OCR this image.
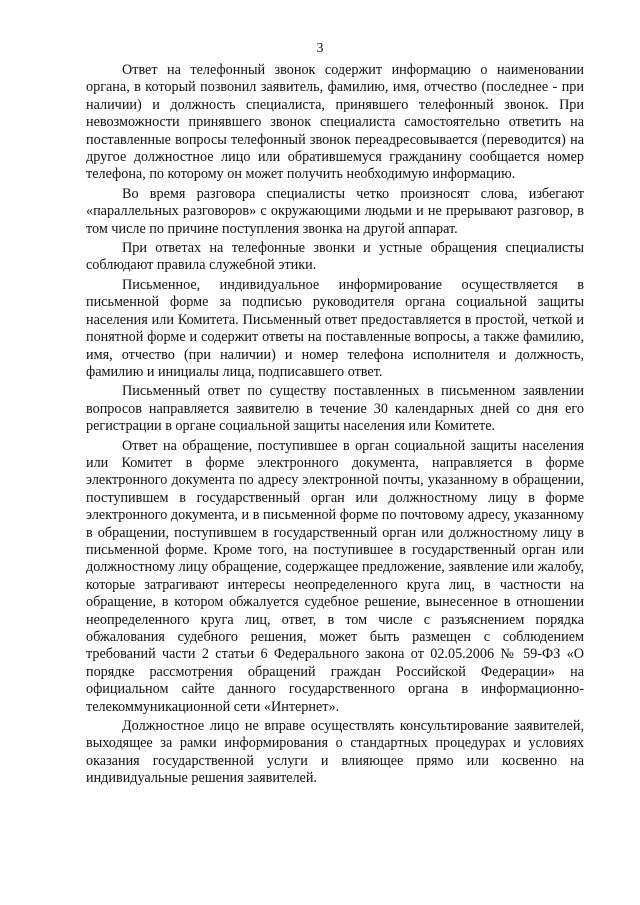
3

Ответ на телефонный звонок содержит информацию о наименовании органа, в который позвонил заявитель, фамилию, имя, отчество (последнее - при наличии) и должность специалиста, принявшего телефонный звонок. При невозможности принявшего звонок специалиста самостоятельно ответить на поставленные вопросы телефонный звонок переадресовывается (переводится) на другое должностное лицо или обратившемуся гражданину сообщается номер телефона, по которому он может получить необходимую информацию.

Во время разговора специалисты четко произносят слова, избегают «параллельных разговоров» с окружающими людьми и не прерывают разговор, в том числе по причине поступления звонка на другой аппарат.

При ответах на телефонные звонки и устные обращения специалисты соблюдают правила служебной этики.

Письменное, индивидуальное информирование осуществляется в письменной форме за подписью руководителя органа социальной защиты населения или Комитета. Письменный ответ предоставляется в простой, четкой и понятной форме и содержит ответы на поставленные вопросы, а также фамилию, имя, отчество (при наличии) и номер телефона исполнителя и должность, фамилию и инициалы лица, подписавшего ответ.

Письменный ответ по существу поставленных в письменном заявлении вопросов направляется заявителю в течение 30 календарных дней со дня его регистрации в органе социальной защиты населения или Комитете.

Ответ на обращение, поступившее в орган социальной защиты населения или Комитет в форме электронного документа, направляется в форме электронного документа по адресу электронной почты, указанному в обращении, поступившем в государственный орган или должностному лицу в форме электронного документа, и в письменной форме по почтовому адресу, указанному в обращении, поступившем в государственный орган или должностному лицу в письменной форме. Кроме того, на поступившее в государственный орган или должностному лицу обращение, содержащее предложение, заявление или жалобу, которые затрагивают интересы неопределенного круга лиц, в частности на обращение, в котором обжалуется судебное решение, вынесенное в отношении неопределенного круга лиц, ответ, в том числе с разъяснением порядка обжалования судебного решения, может быть размещен с соблюдением требований части 2 статьи 6 Федерального закона от 02.05.2006 № 59-ФЗ «О порядке рассмотрения обращений граждан Российской Федерации» на официальном сайте данного государственного органа в информационно-телекоммуникационной сети «Интернет».

Должностное лицо не вправе осуществлять консультирование заявителей, выходящее за рамки информирования о стандартных процедурах и условиях оказания государственной услуги и влияющее прямо или косвенно на индивидуальные решения заявителей.
